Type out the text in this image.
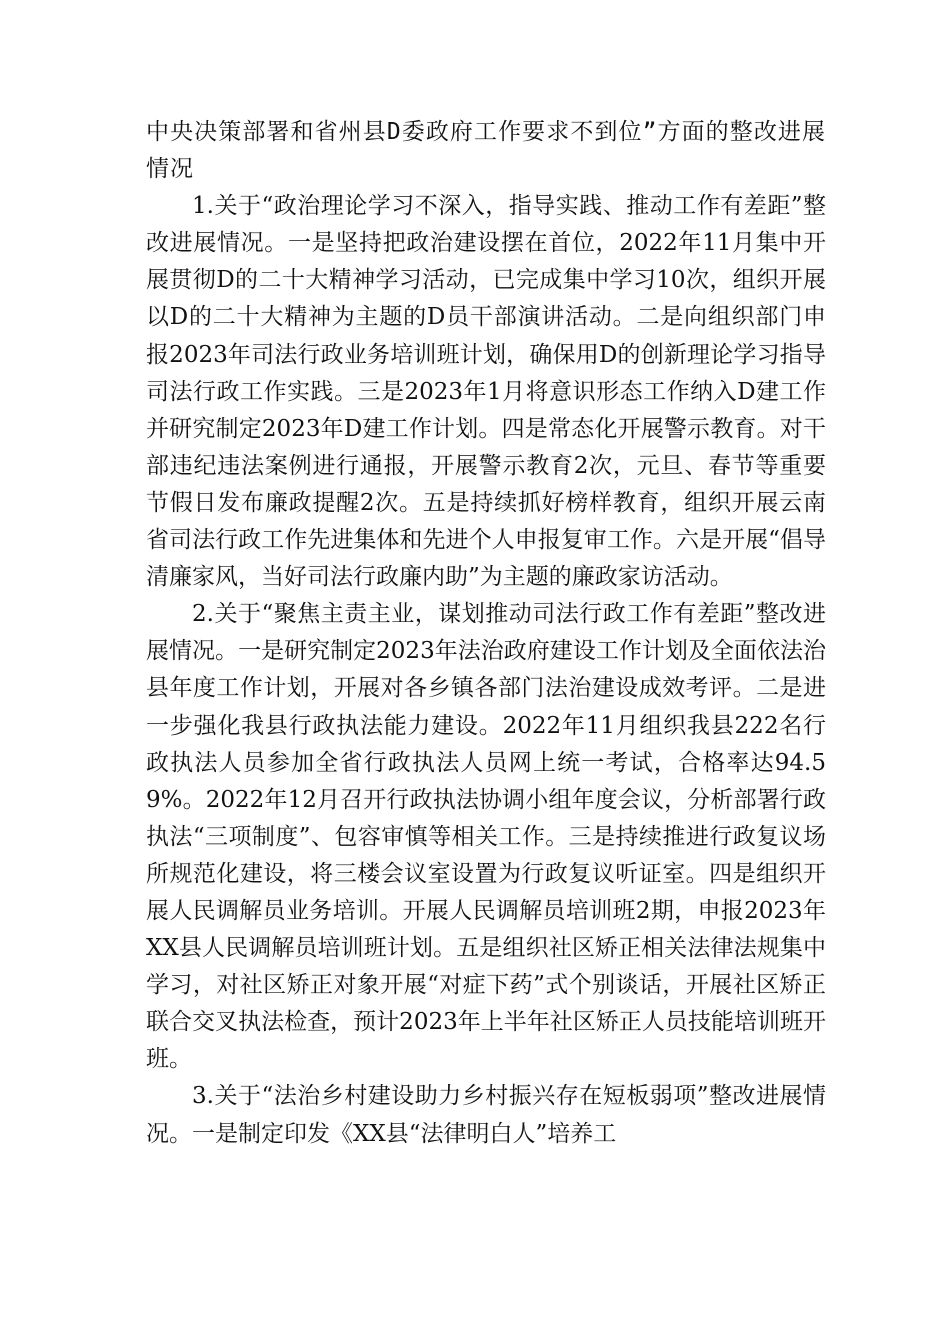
中央决策部署和省州县D委政府工作要求不到位”方面的整改进展情况

1.关于“政治理论学习不深入，指导实践、推动工作有差距”整改进展情况。一是坚持把政治建设摆在首位，2022年11月集中开展贯彻D的二十大精神学习活动，已完成集中学习10次，组织开展以D的二十大精神为主题的D员干部演讲活动。二是向组织部门申报2023年司法行政业务培训班计划，确保用D的创新理论学习指导司法行政工作实践。三是2023年1月将意识形态工作纳入D建工作并研究制定2023年D建工作计划。四是常态化开展警示教育。对干部违纪违法案例进行通报，开展警示教育2次，元旦、春节等重要节假日发布廉政提醒2次。五是持续抓好榜样教育，组织开展云南省司法行政工作先进集体和先进个人申报复审工作。六是开展“倡导清廉家风，当好司法行政廉内助”为主题的廉政家访活动。

2.关于“聚焦主责主业，谋划推动司法行政工作有差距”整改进展情况。一是研究制定2023年法治政府建设工作计划及全面依法治县年度工作计划，开展对各乡镇各部门法治建设成效考评。二是进一步强化我县行政执法能力建设。2022年11月组织我县222名行政执法人员参加全省行政执法人员网上统一考试，合格率达94.59%。2022年12月召开行政执法协调小组年度会议，分析部署行政执法“三项制度”、包容审慎等相关工作。三是持续推进行政复议场所规范化建设，将三楼会议室设置为行政复议听证室。四是组织开展人民调解员业务培训。开展人民调解员培训班2期，申报2023年XX县人民调解员培训班计划。五是组织社区矫正相关法律法规集中学习，对社区矫正对象开展“对症下药”式个别谈话，开展社区矫正联合交叉执法检查，预计2023年上半年社区矫正人员技能培训班开班。

3.关于“法治乡村建设助力乡村振兴存在短板弱项”整改进展情况。一是制定印发《XX县“法律明白人”培养工
